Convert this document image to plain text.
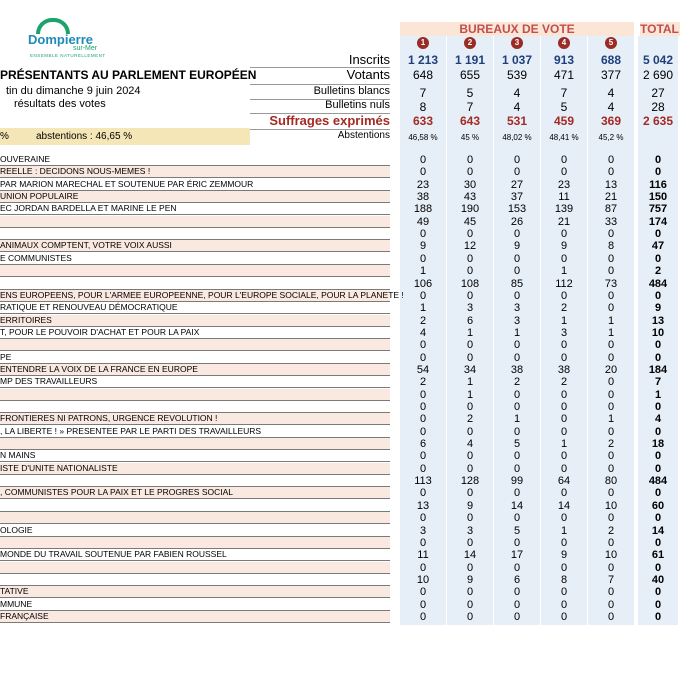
Dompierre
sur-Mer
ENSEMBLE NATURELLEMENT
PRÉSENTANTS AU PARLEMENT EUROPÉEN
tin du dimanche 9 juin 2024
résultats des votes
%	abstentions : 46,65 %
BUREAUX DE VOTE	TOTAL
1	2	3	4	5
Inscrits	1 213	1 191	1 037	913	688	5 042
Votants	648	655	539	471	377	2 690
Bulletins blancs	7	5	4	7	4	27
Bulletins nuls	8	7	4	5	4	28
Suffrages exprimés	633	643	531	459	369	2 635
Abstentions	46,58 %	45 %	48,02 %	48,41 %	45,2 %
OUVERAINE	0	0	0	0	0	0
REELLE : DECIDONS NOUS-MEMES !	0	0	0	0	0	0
PAR MARION MARECHAL ET SOUTENUE PAR ÉRIC ZEMMOUR	23	30	27	23	13	116
UNION POPULAIRE	38	43	37	11	21	150
EC JORDAN BARDELLA ET MARINE LE PEN	188	190	153	139	87	757
49	45	26	21	33	174
0	0	0	0	0	0
ANIMAUX COMPTENT, VOTRE VOIX AUSSI	9	12	9	9	8	47
E COMMUNISTES	0	0	0	0	0	0
1	0	0	1	0	2
106	108	85	112	73	484
ENS EUROPEENS, POUR L'ARMEE EUROPEENNE, POUR L'EUROPE SOCIALE, POUR LA PLANETE !	0	0	0	0	0	0
RATIQUE ET RENOUVEAU DÉMOCRATIQUE	1	3	3	2	0	9
ERRITOIRES	2	6	3	1	1	13
T, POUR LE POUVOIR D'ACHAT ET POUR LA PAIX	4	1	1	3	1	10
0	0	0	0	0	0
PE	0	0	0	0	0	0
ENTENDRE LA VOIX DE LA FRANCE EN EUROPE	54	34	38	38	20	184
MP DES TRAVAILLEURS	2	1	2	2	0	7
0	1	0	0	0	1
0	0	0	0	0	0
FRONTIERES NI PATRONS, URGENCE REVOLUTION !	0	2	1	0	1	4
, LA LIBERTE ! » PRESENTEE PAR LE PARTI DES TRAVAILLEURS	0	0	0	0	0	0
6	4	5	1	2	18
N MAINS	0	0	0	0	0	0
ISTE D'UNITE NATIONALISTE	0	0	0	0	0	0
113	128	99	64	80	484
, COMMUNISTES POUR LA PAIX ET LE PROGRES SOCIAL	0	0	0	0	0	0
13	9	14	14	10	60
0	0	0	0	0	0
OLOGIE	3	3	5	1	2	14
0	0	0	0	0	0
MONDE DU TRAVAIL SOUTENUE PAR FABIEN ROUSSEL	11	14	17	9	10	61
0	0	0	0	0	0
10	9	6	8	7	40
TATIVE	0	0	0	0	0	0
MMUNE	0	0	0	0	0	0
FRANÇAISE	0	0	0	0	0	0
